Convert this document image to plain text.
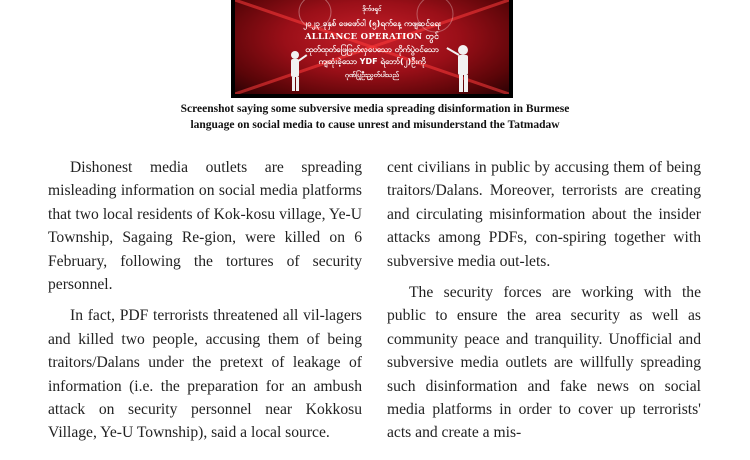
ဒိုက်ဖရှင်
၂၀၂၃ ခုနှစ် ဖေဖော်ဝါ (၅)ရက်နေ့ ကဖျဆင်ရေး
ALLIANCE OPERATION တွင်
ထုတ်ထုတ်ဖြေဖြတ်လှပေသော တိုက်ပွဲဝင်သော
ကျဆုံးခဲ့သော YDF ရဲဘော်(၂)ဦးကို
ဂုဏ်ပြုဦးညွှတ်ပါသည်
Screenshot saying some subversive media spreading disinformation in Burmese language on social media to cause unrest and misunderstand the Tatmadaw

Dishonest media outlets are spreading misleading information on social media platforms that two local residents of Kok-kosu village, Ye-U Township, Sagaing Re-gion, were killed on 6 February, following the tortures of security personnel.

In fact, PDF terrorists threatened all vil-lagers and killed two people, accusing them of being traitors/Dalans under the pretext of leakage of information (i.e. the preparation for an ambush attack on security personnel near Kokkosu Village, Ye-U Township), said a local source.

cent civilians in public by accusing them of being traitors/Dalans. Moreover, terrorists are creating and circulating misinformation about the insider attacks among PDFs, con-spiring together with subversive media out-lets.

The security forces are working with the public to ensure the area security as well as community peace and tranquility. Unofficial and subversive media outlets are willfully spreading such disinformation and fake news on social media platforms in order to cover up terrorists' acts and create a mis-
